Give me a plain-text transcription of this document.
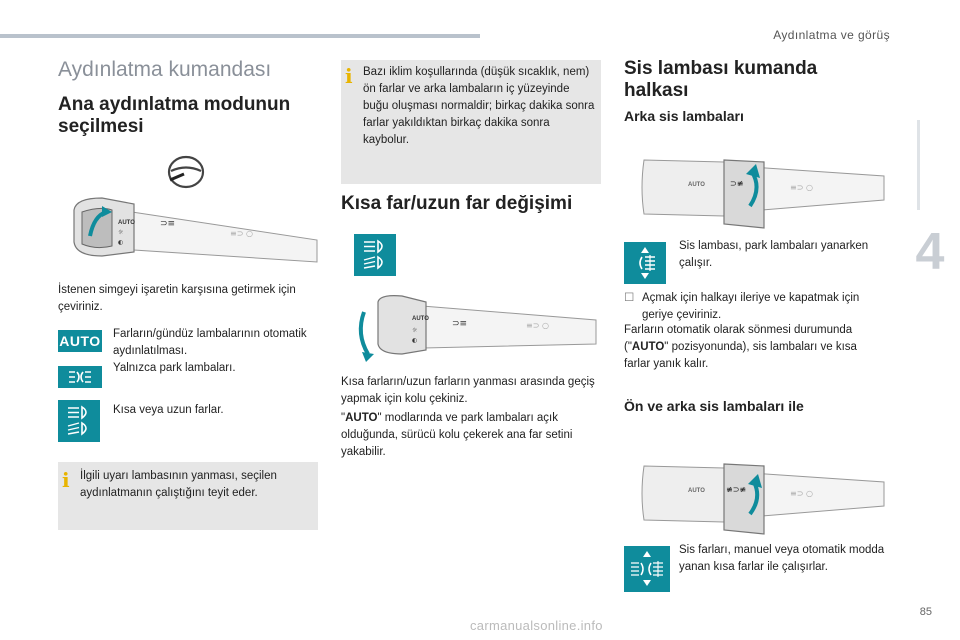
Aydınlatma ve görüş
4
85
carmanualsonline.info
Aydınlatma kumandası
Ana aydınlatma modunun seçilmesi
AUTO
☼
◐
⊃≡
≡⊃ ○
İstenen simgeyi işaretin karşısına getirmek için çeviriniz.
AUTO Farların/gündüz lambalarının otomatik aydınlatılması.
Yalnızca park lambaları.
Kısa veya uzun farlar.
i İlgili uyarı lambasının yanması, seçilen aydınlatmanın çalıştığını teyit eder.
i Bazı iklim koşullarında (düşük sıcaklık, nem) ön farlar ve arka lambaların iç yüzeyinde buğu oluşması normaldir; birkaç dakika sonra farlar yakıldıktan birkaç dakika sonra kaybolur.
Kısa far/uzun far değişimi
AUTO
☼
◐
⊃≡	≡⊃ ○
Kısa farların/uzun farların yanması arasında geçiş yapmak için kolu çekiniz.
"AUTO" modlarında ve park lambaları açık olduğunda, sürücü kolu çekerek ana far setini yakabilir.
Sis lambası kumanda halkası
Arka sis lambaları
AUTO	⊃≢	≡⊃ ○
Sis lambası, park lambaları yanarken çalışır.
☐ Açmak için halkayı ileriye ve kapatmak için geriye çeviriniz.
Farların otomatik olarak sönmesi durumunda ("AUTO" pozisyonunda), sis lambaları ve kısa farlar yanık kalır.
Ön ve arka sis lambaları ile
AUTO	≢⊃≢	≡⊃ ○
Sis farları, manuel veya otomatik modda yanan kısa farlar ile çalışırlar.
